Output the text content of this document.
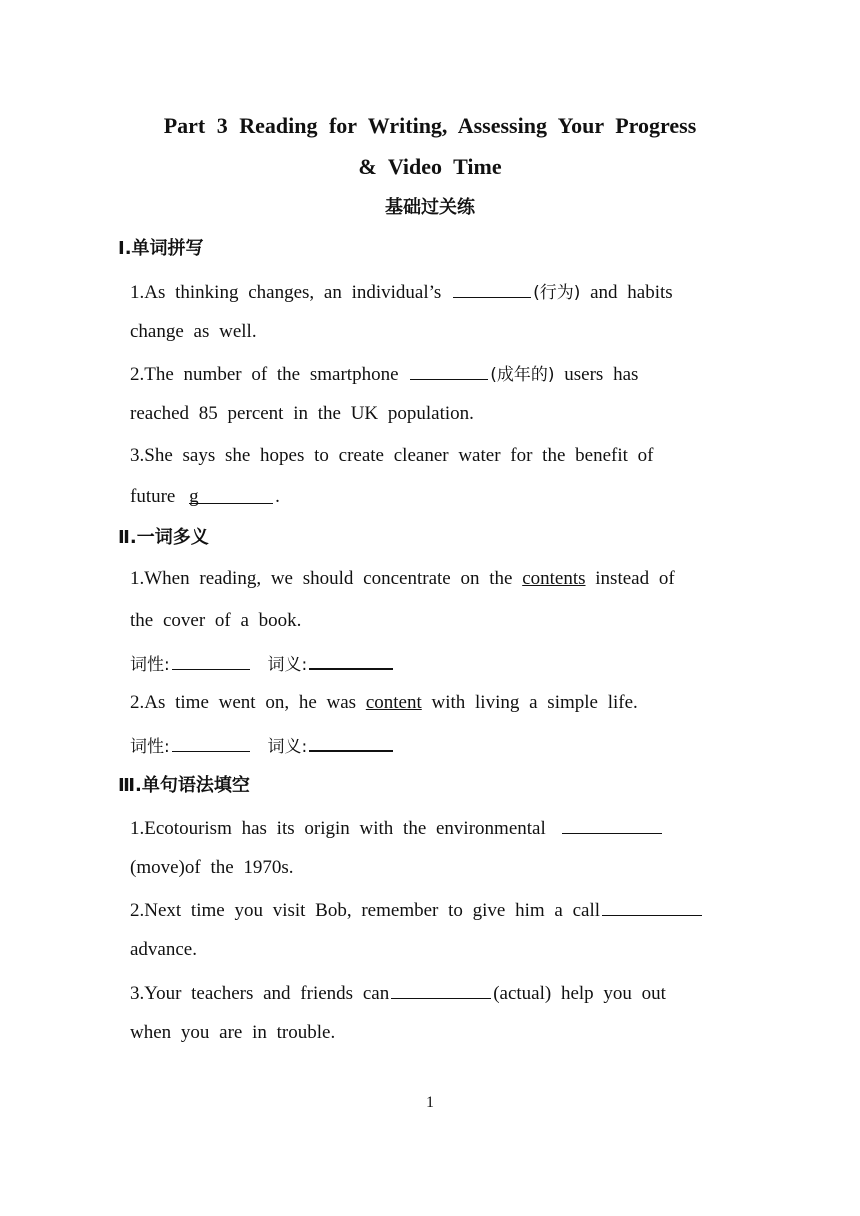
Part 3 Reading for Writing, Assessing Your Progress
& Video Time
基础过关练
Ⅰ.单词拼写
1.As thinking changes, an individual’s	(行为) and habits
change as well.
2.The number of the smartphone	(成年的) users has
reached 85 percent in the UK population.
3.She says she hopes to create cleaner water for the benefit of
future g	.
Ⅱ.一词多义
1.When reading, we should concentrate on the contents instead of
the cover of a book.
词性:	词义:
2.As time went on, he was content with living a simple life.
词性:	词义:
Ⅲ.单句语法填空
1.Ecotourism has its origin with the environmental
(move)of the 1970s.
2.Next time you visit Bob, remember to give him a call
advance.
3.Your teachers and friends can	(actual) help you out
when you are in trouble.
1
